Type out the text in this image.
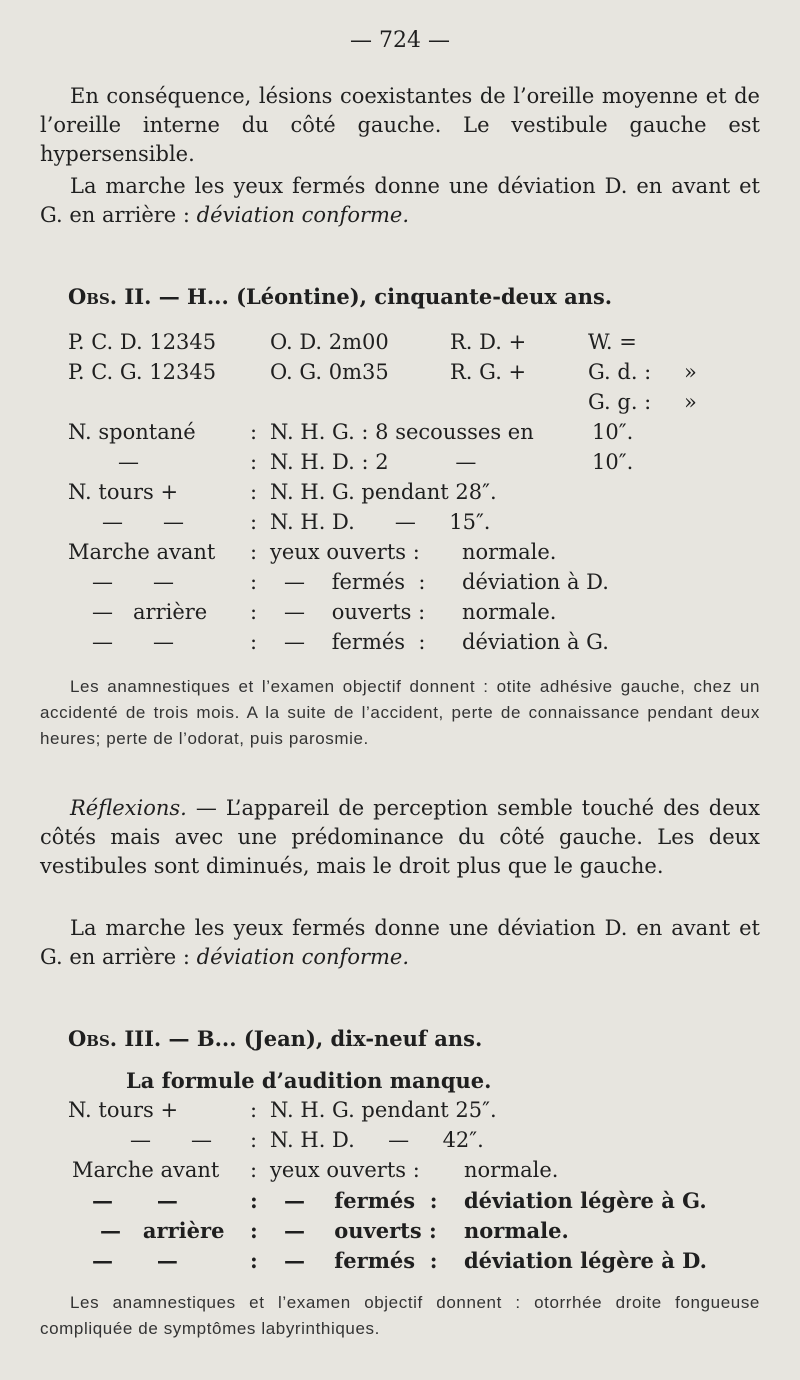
— 724 —
En conséquence, lésions coexistantes de l’oreille moyenne et de l’oreille interne du côté gauche. Le vestibule gauche est hypersensible.
La marche les yeux fermés donne une déviation D. en avant et G. en arrière : déviation conforme.
Obs. II. — H... (Léontine), cinquante-deux ans.
P. C. D. 12345	O. D. 2m00	R. D. +	W. =
P. C. G. 12345	O. G. 0m35	R. G. +	G. d. : »
G. g. : »
N. spontané	: N. H. G. : 8 secousses en	10″.
—	: N. H. D. : 2          —	10″.
N. tours +	: N. H. G. pendant 28″.
—      —	: N. H. D.      —     15″.
Marche avant : yeux ouverts : normale.
—      —	: —    fermés  : déviation à D.
—   arrière : —    ouverts : normale.
—      —	: —    fermés  : déviation à G.
Les anamnestiques et l’examen objectif donnent : otite adhésive gauche, chez un accidenté de trois mois. A la suite de l’accident, perte de connaissance pendant deux heures; perte de l’odorat, puis parosmie.
Réflexions. — L’appareil de perception semble touché des deux côtés mais avec une prédominance du côté gauche. Les deux vestibules sont diminués, mais le droit plus que le gauche.
La marche les yeux fermés donne une déviation D. en avant et G. en arrière : déviation conforme.
Obs. III. — B... (Jean), dix-neuf ans.
La formule d’audition manque.
N. tours +	: N. H. G. pendant 25″.
—      — : N. H. D.     —     42″.
Marche avant : yeux ouverts : normale.
—      —	: —    fermés  : déviation légère à G.
—   arrière : —    ouverts : normale.
—      —	: —    fermés  : déviation légère à D.
Les anamnestiques et l’examen objectif donnent : otorrhée droite fongueuse compliquée de symptômes labyrinthiques.
